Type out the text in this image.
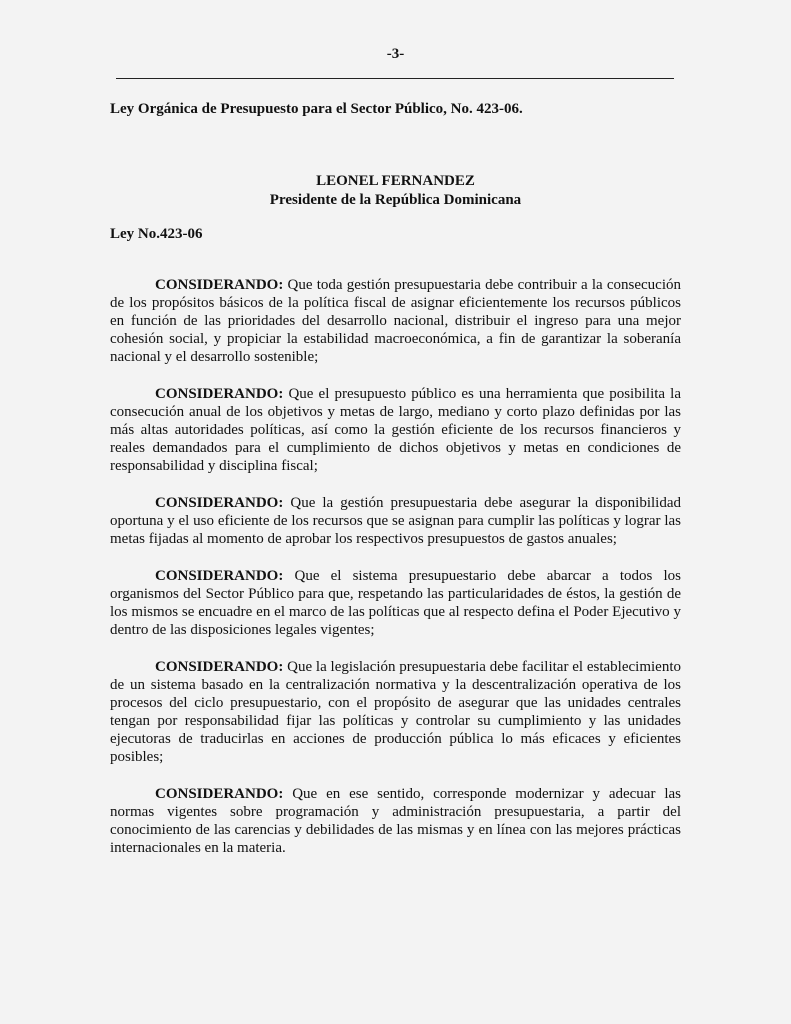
-3-
Ley Orgánica de Presupuesto para el Sector Público, No. 423-06.
LEONEL FERNANDEZ
Presidente de la República Dominicana
Ley No.423-06

CONSIDERANDO: Que toda gestión presupuestaria debe contribuir a la consecución de los propósitos básicos de la política fiscal de asignar eficientemente los recursos públicos en función de las prioridades del desarrollo nacional, distribuir el ingreso para una mejor cohesión social, y propiciar la estabilidad macroeconómica, a fin de garantizar la soberanía nacional y el desarrollo sostenible;

CONSIDERANDO: Que el presupuesto público es una herramienta que posibilita la consecución anual de los objetivos y metas de largo, mediano y corto plazo definidas por las más altas autoridades políticas, así como la gestión eficiente de los recursos financieros y reales demandados para el cumplimiento de dichos objetivos y metas en condiciones de responsabilidad y disciplina fiscal;

CONSIDERANDO: Que la gestión presupuestaria debe asegurar la disponibilidad oportuna y el uso eficiente de los recursos que se asignan para cumplir las políticas y lograr las metas fijadas al momento de aprobar los respectivos presupuestos de gastos anuales;

CONSIDERANDO: Que el sistema presupuestario debe abarcar a todos los organismos del Sector Público para que, respetando las particularidades de éstos, la gestión de los mismos se encuadre en el marco de las políticas que al respecto defina el Poder Ejecutivo y dentro de las disposiciones legales vigentes;

CONSIDERANDO: Que la legislación presupuestaria debe facilitar el establecimiento de un sistema basado en la centralización normativa y la descentralización operativa de los procesos del ciclo presupuestario, con el propósito de asegurar que las unidades centrales tengan por responsabilidad fijar las políticas y controlar su cumplimiento y las unidades ejecutoras de traducirlas en acciones de producción pública lo más eficaces y eficientes posibles;

CONSIDERANDO: Que en ese sentido, corresponde modernizar y adecuar las normas vigentes sobre programación y administración presupuestaria, a partir del conocimiento de las carencias y debilidades de las mismas y en línea con las mejores prácticas internacionales en la materia.
